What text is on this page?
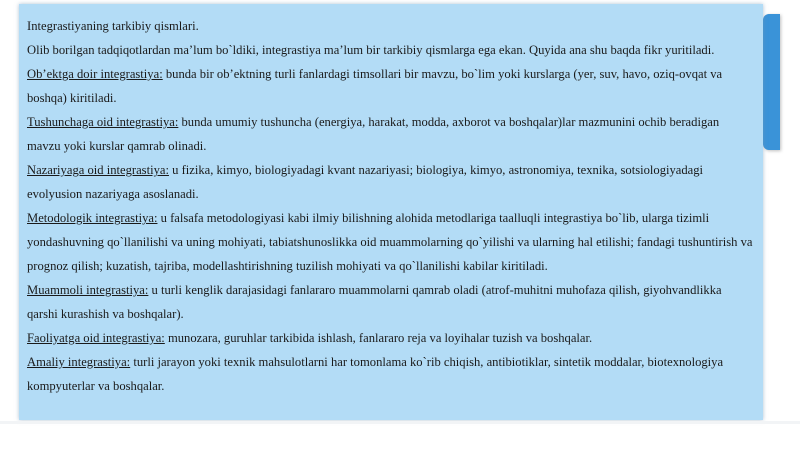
Integrastiyaning tarkibiy qismlari.

Olib borilgan tadqiqotlardan ma’lum bo`ldiki, integrastiya ma’lum bir tarkibiy qismlarga ega ekan. Quyida ana shu baqda fikr yuritiladi.

Ob’ektga doir integrastiya: bunda bir ob’ektning turli fanlardagi timsollari bir mavzu, bo`lim yoki kurslarga (yer, suv, havo, oziq-ovqat va boshqa) kiritiladi.

Tushunchaga oid integrastiya: bunda umumiy tushuncha (energiya, harakat, modda, axborot va boshqalar)lar mazmunini ochib beradigan mavzu yoki kurslar qamrab olinadi.

Nazariyaga oid integrastiya: u fizika, kimyo, biologiyadagi kvant nazariyasi; biologiya, kimyo, astronomiya, texnika, sotsiologiyadagi evolyusion nazariyaga asoslanadi.

Metodologik integrastiya: u falsafa metodologiyasi kabi ilmiy bilishning alohida metodlariga taalluqli integrastiya bo`lib, ularga tizimli yondashuvning qo`llanilishi va uning mohiyati, tabiatshunoslikka oid muammolarning qo`yilishi va ularning hal etilishi; fandagi tushuntirish va prognoz qilish; kuzatish, tajriba, modellashtirishning tuzilish mohiyati va qo`llanilishi kabilar kiritiladi.

Muammoli integrastiya: u turli kenglik darajasidagi fanlararo muammolarni qamrab oladi (atrof-muhitni muhofaza qilish, giyohvandlikka qarshi kurashish va boshqalar).

Faoliyatga oid integrastiya: munozara, guruhlar tarkibida ishlash, fanlararo reja va loyihalar tuzish va boshqalar.

Amaliy integrastiya: turli jarayon yoki texnik mahsulotlarni har tomonlama ko`rib chiqish, antibiotiklar, sintetik moddalar, biotexnologiya kompyuterlar va boshqalar.
